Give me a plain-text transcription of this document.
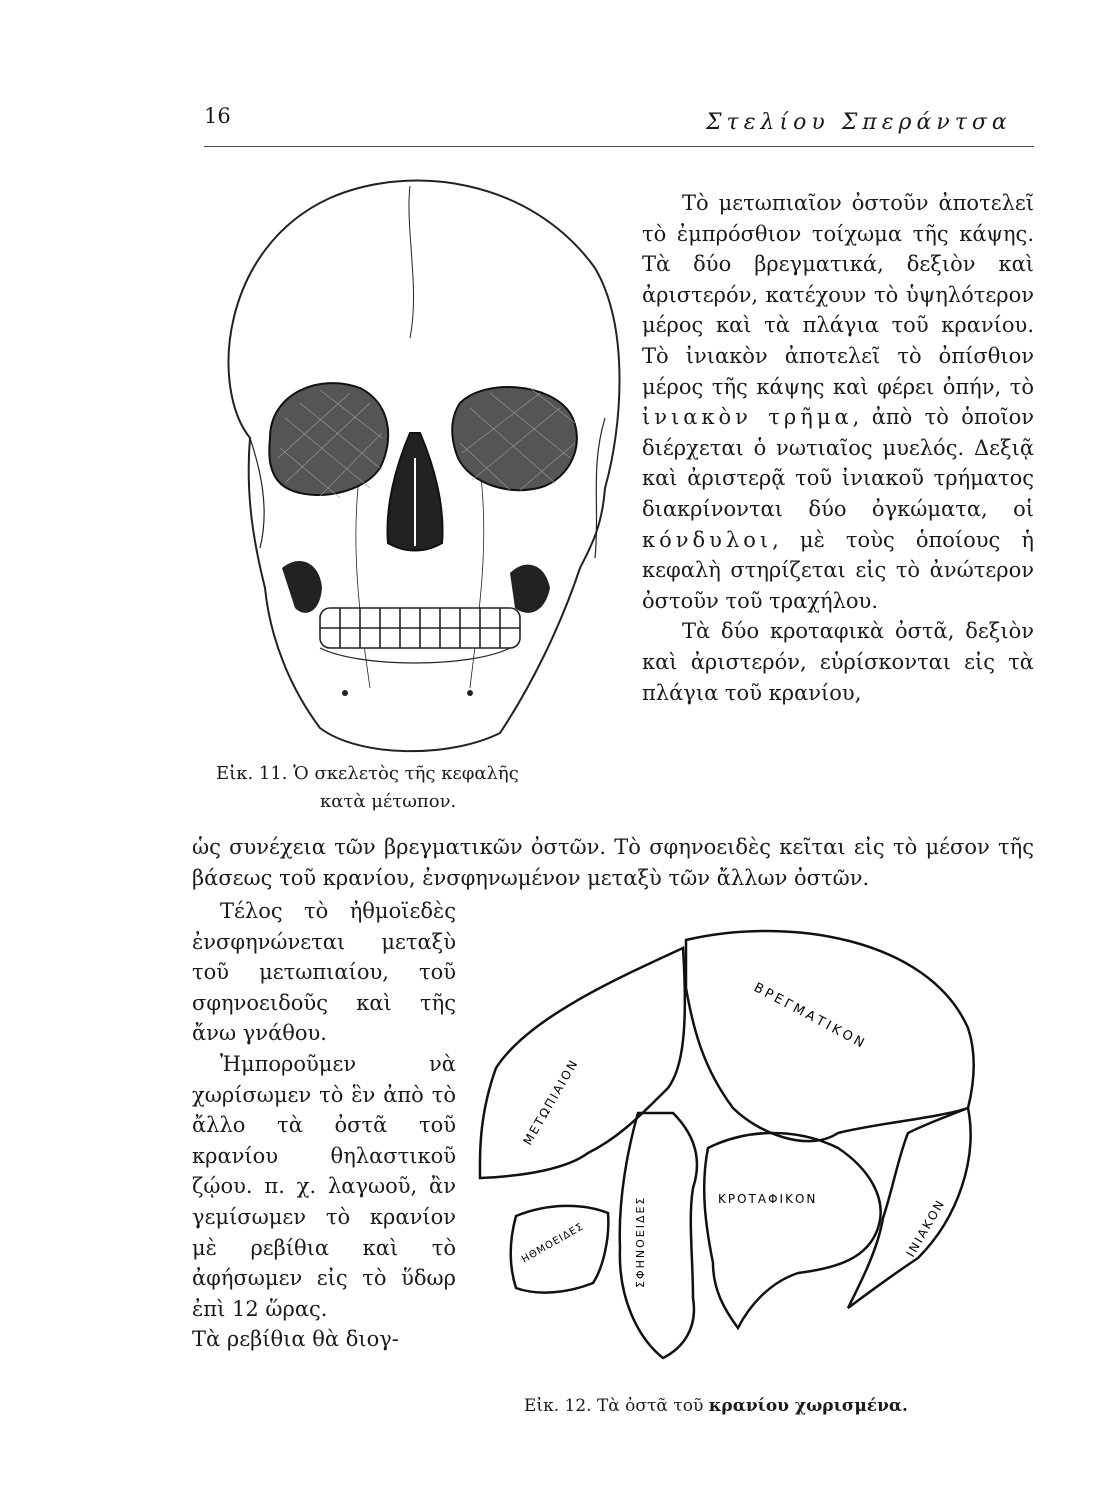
16	Στελίου Σπεράντσα
Εἰκ. 11. Ὁ σκελετὸς τῆς κεφαλῆς
κατὰ μέτωπον.

Τὸ μετωπιαῖον ὀστοῦν ἀποτελεῖ τὸ ἐμπρόσθιον τοίχωμα τῆς κάψης. Τὰ δύο βρεγματικά, δεξιὸν καὶ ἀριστερόν, κατέχουν τὸ ὑψηλότερον μέρος καὶ τὰ πλάγια τοῦ κρανίου. Τὸ ἰνιακὸν ἀποτελεῖ τὸ ὀπίσθιον μέρος τῆς κάψης καὶ φέρει ὀπήν, τὸ ἰνιακὸν τρῆμα, ἀπὸ τὸ ὁποῖον διέρχεται ὁ νωτιαῖος μυελός. Δεξιᾷ καὶ ἀριστερᾷ τοῦ ἰνιακοῦ τρήματος διακρίνονται δύο ὀγκώματα, οἱ κόνδυλοι, μὲ τοὺς ὁποίους ἡ κεφαλὴ στηρίζεται εἰς τὸ ἀνώτερον ὀστοῦν τοῦ τραχήλου.

Τὰ δύο κροταφικὰ ὀστᾶ, δεξιὸν καὶ ἀριστερόν, εὑρίσκονται εἰς τὰ πλάγια τοῦ κρανίου,

ὡς συνέχεια τῶν βρεγματικῶν ὀστῶν. Τὸ σφηνοειδὲς κεῖται εἰς τὸ μέσον τῆς βάσεως τοῦ κρανίου, ἐνσφηνωμένον μεταξὺ τῶν ἄλλων ὀστῶν.

Τέλος τὸ ἠθμοϊεδὲς ἐνσφηνώνεται μεταξὺ τοῦ μετωπιαίου, τοῦ σφηνοειδοῦς καὶ τῆς ἄνω γνάθου.

Ἠμποροῦμεν νὰ χωρίσωμεν τὸ ἓν ἀπὸ τὸ ἄλλο τὰ ὀστᾶ τοῦ κρανίου θηλαστικοῦ ζῴου. π. χ. λαγωοῦ, ἂν γεμίσωμεν τὸ κρανίον μὲ ρεβίθια καὶ τὸ ἀφήσωμεν εἰς τὸ ὕδωρ ἐπὶ 12 ὥρας.

Τὰ ρεβίθια θὰ διογ-

ΒΡΕΓΜΑΤΙΚΟΝ
ΜΕΤΩΠΙΑΙΟΝ
ΣΦΗΝΟΕΙΔΕΣ	ΚΡΟΤΑΦΙΚΟΝ	ΙΝΙΑΚΟΝ
ΗΘΜΟΕΙΔΕΣ
Εἰκ. 12. Τὰ ὀστᾶ τοῦ κρανίου χωρισμένα.
